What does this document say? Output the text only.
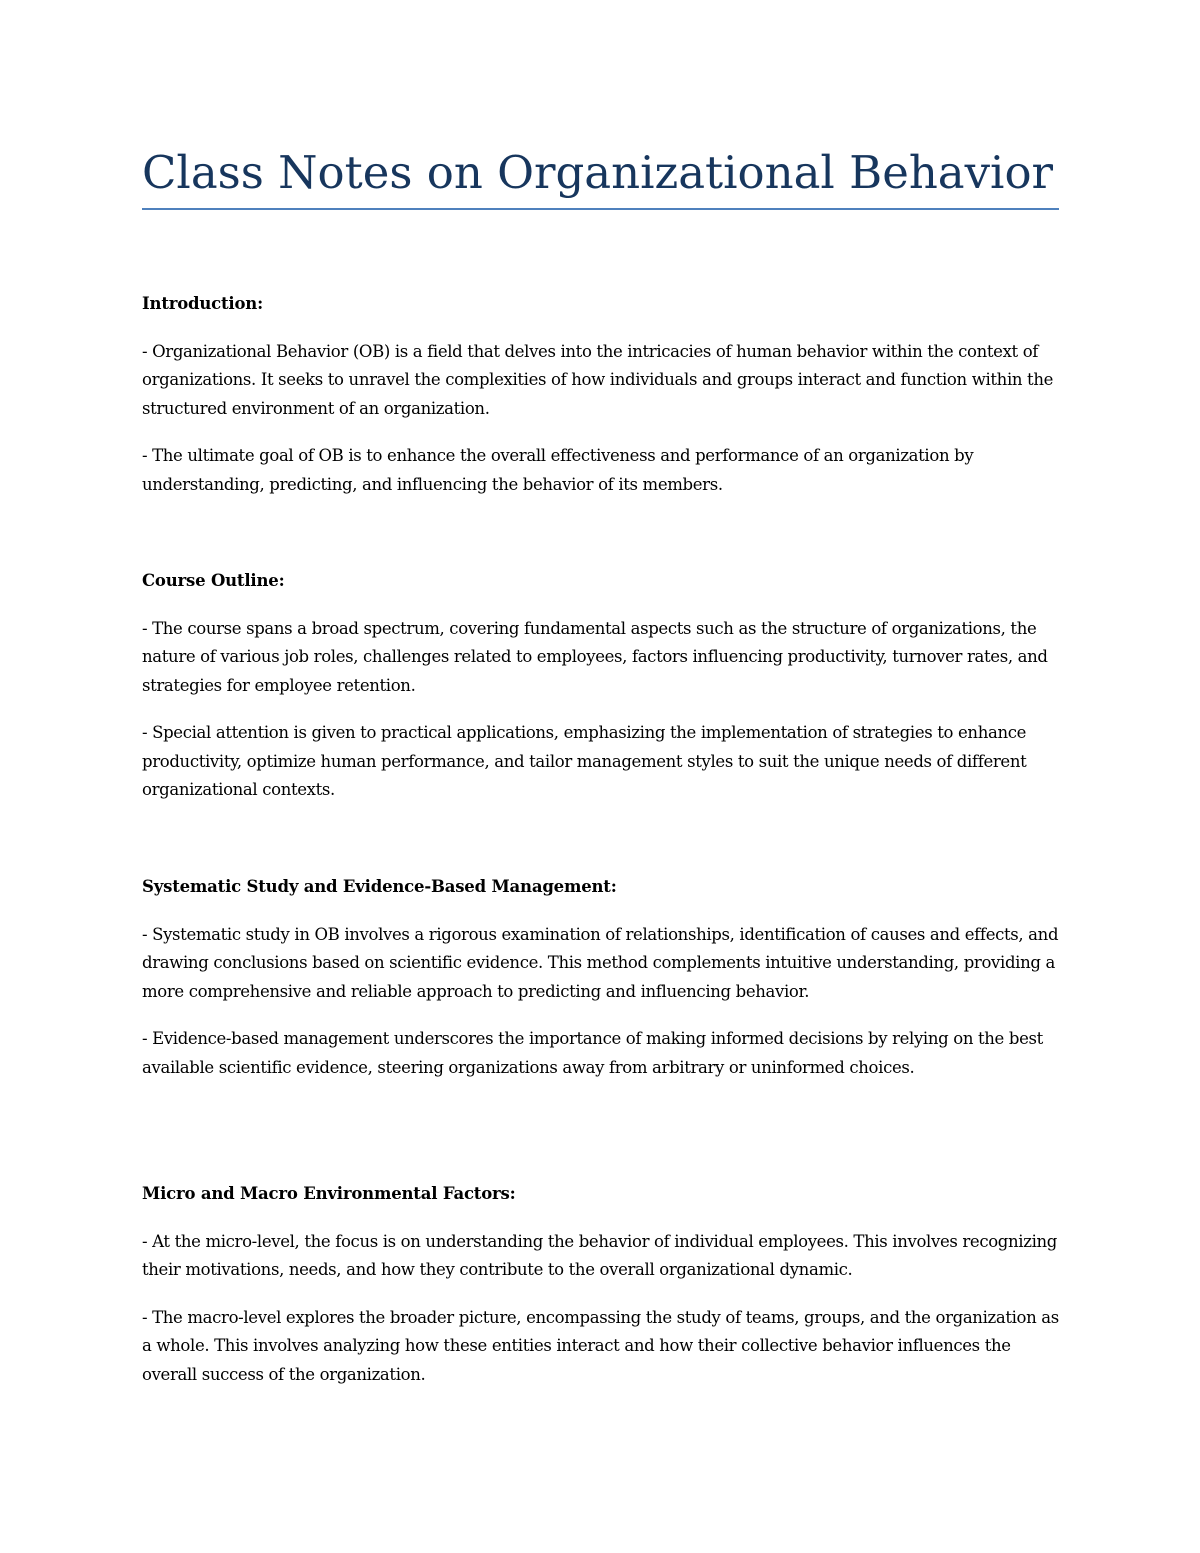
Class Notes on Organizational Behavior
Introduction:

- Organizational Behavior (OB) is a field that delves into the intricacies of human behavior within the context of organizations. It seeks to unravel the complexities of how individuals and groups interact and function within the structured environment of an organization.

- The ultimate goal of OB is to enhance the overall effectiveness and performance of an organization by understanding, predicting, and influencing the behavior of its members.

Course Outline:

- The course spans a broad spectrum, covering fundamental aspects such as the structure of organizations, the nature of various job roles, challenges related to employees, factors influencing productivity, turnover rates, and strategies for employee retention.

- Special attention is given to practical applications, emphasizing the implementation of strategies to enhance productivity, optimize human performance, and tailor management styles to suit the unique needs of different organizational contexts.

Systematic Study and Evidence-Based Management:

- Systematic study in OB involves a rigorous examination of relationships, identification of causes and effects, and drawing conclusions based on scientific evidence. This method complements intuitive understanding, providing a more comprehensive and reliable approach to predicting and influencing behavior.

- Evidence-based management underscores the importance of making informed decisions by relying on the best available scientific evidence, steering organizations away from arbitrary or uninformed choices.

Micro and Macro Environmental Factors:

- At the micro-level, the focus is on understanding the behavior of individual employees. This involves recognizing their motivations, needs, and how they contribute to the overall organizational dynamic.

- The macro-level explores the broader picture, encompassing the study of teams, groups, and the organization as a whole. This involves analyzing how these entities interact and how their collective behavior influences the overall success of the organization.
